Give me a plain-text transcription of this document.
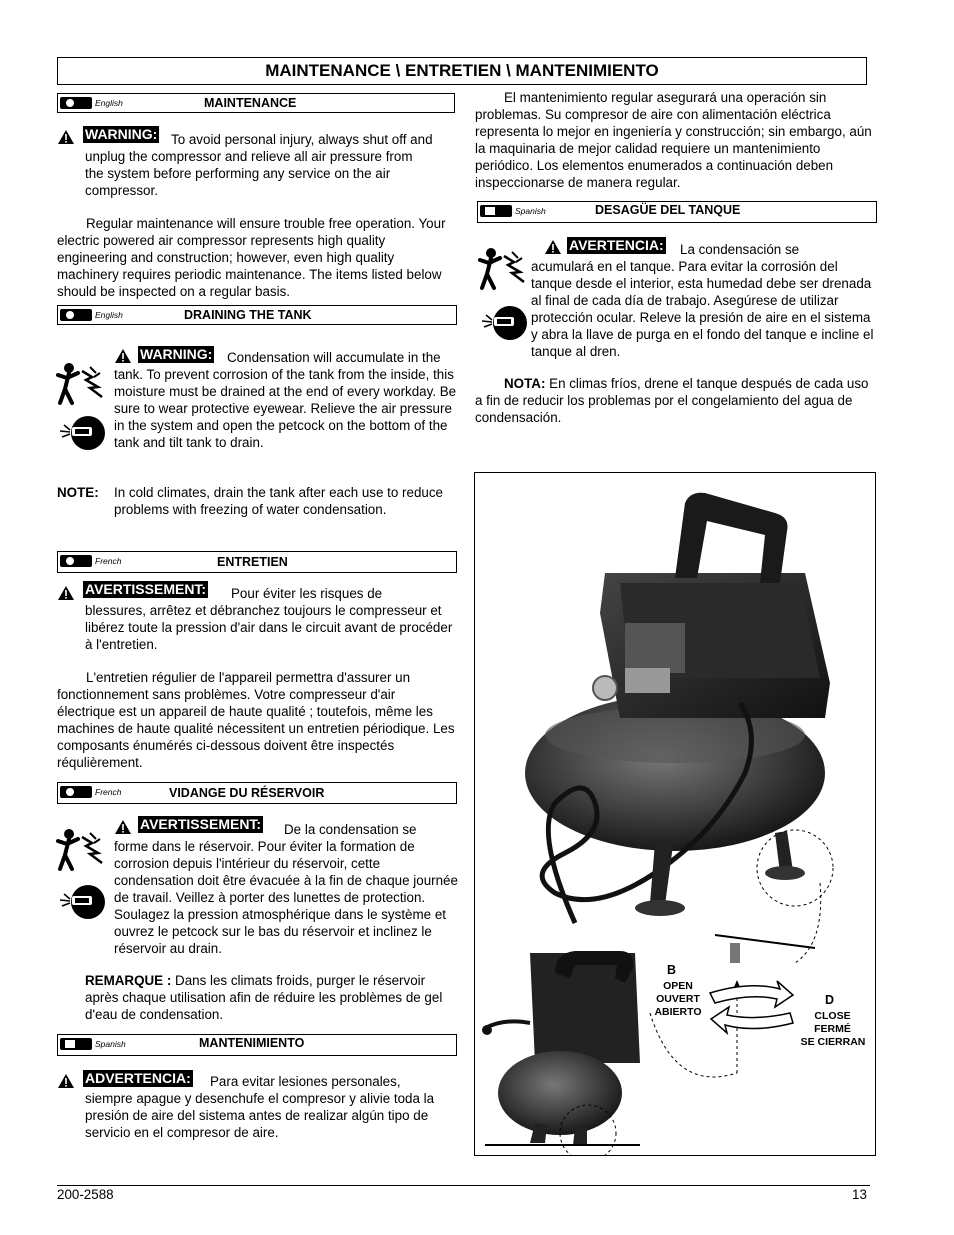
MAINTENANCE \ ENTRETIEN \ MANTENIMIENTO
English	MAINTENANCE
WARNING: To avoid personal injury, always shut off and
unplug the compressor and relieve all air pressure from the system before performing any service on the air compressor.
Regular maintenance will ensure trouble free operation. Your electric powered air compressor represents high quality engineering and construction; however, even high quality machinery requires periodic maintenance. The items listed below should be inspected on a regular basis.
English	DRAINING THE TANK
WARNING: Condensation will accumulate in the
tank. To prevent corrosion of the tank from the inside, this moisture must be drained at the end of every workday. Be sure to wear protective eyewear. Relieve the air pressure in the system and open the petcock on the bottom of the tank and tilt tank to drain.
NOTE: In cold climates, drain the tank after each use to reduce problems with freezing of water condensation.
French	ENTRETIEN
AVERTISSEMENT: Pour éviter les risques de
blessures, arrêtez et débranchez toujours le compresseur et libérez toute la pression d'air dans le circuit avant de procéder à l'entretien.
L'entretien régulier de l'appareil permettra d'assurer un fonctionnement sans problèmes. Votre compresseur d'air électrique est un appareil de haute qualité ; toutefois, même les machines de haute qualité nécessitent un entretien périodique. Les composants énumérés ci-dessous doivent être inspectés réqulièrement.
French	VIDANGE DU RÉSERVOIR
AVERTISSEMENT: De la condensation se
forme dans le réservoir. Pour éviter la formation de corrosion depuis l'intérieur du réservoir, cette condensation doit être évacuée à la fin de chaque journée de travail. Veillez à porter des lunettes de protection. Soulagez la pression atmosphérique dans le système et ouvrez le petcock sur le bas du réservoir et inclinez le réservoir au drain.
REMARQUE : Dans les climats froids, purger le réservoir après chaque utilisation afin de réduire les problèmes de gel d'eau de condensation.
Spanish	MANTENIMIENTO
ADVERTENCIA: Para evitar lesiones personales,
siempre apague y desenchufe el compresor y alivie toda la presión de aire del sistema antes de realizar algún tipo de servicio en el compresor de aire.
El mantenimiento regular asegurará una operación sin problemas. Su compresor de aire con alimentación eléctrica representa lo mejor en ingeniería y construcción; sin embargo, aún la maquinaria de mejor calidad requiere un mantenimiento periódico. Los elementos enumerados a continuación deben inspeccionarse de manera regular.
Spanish	DESAGÜE DEL TANQUE
AVERTENCIA: La condensación se
acumulará en el tanque. Para evitar la corrosión del tanque desde el interior, esta humedad debe ser drenada al final de cada día de trabajo. Asegúrese de utilizar protección ocular. Releve la presión de aire en el sistema y abra la llave de purga en el fondo del tanque e incline el tanque al dren.
NOTA: En climas fríos, drene el tanque después de cada uso a fin de reducir los problemas por el congelamiento del agua de condensación.
B
OPEN
OUVERT
ABIERTO
D
CLOSE
FERMÉ
SE CIERRAN
200-2588	13
